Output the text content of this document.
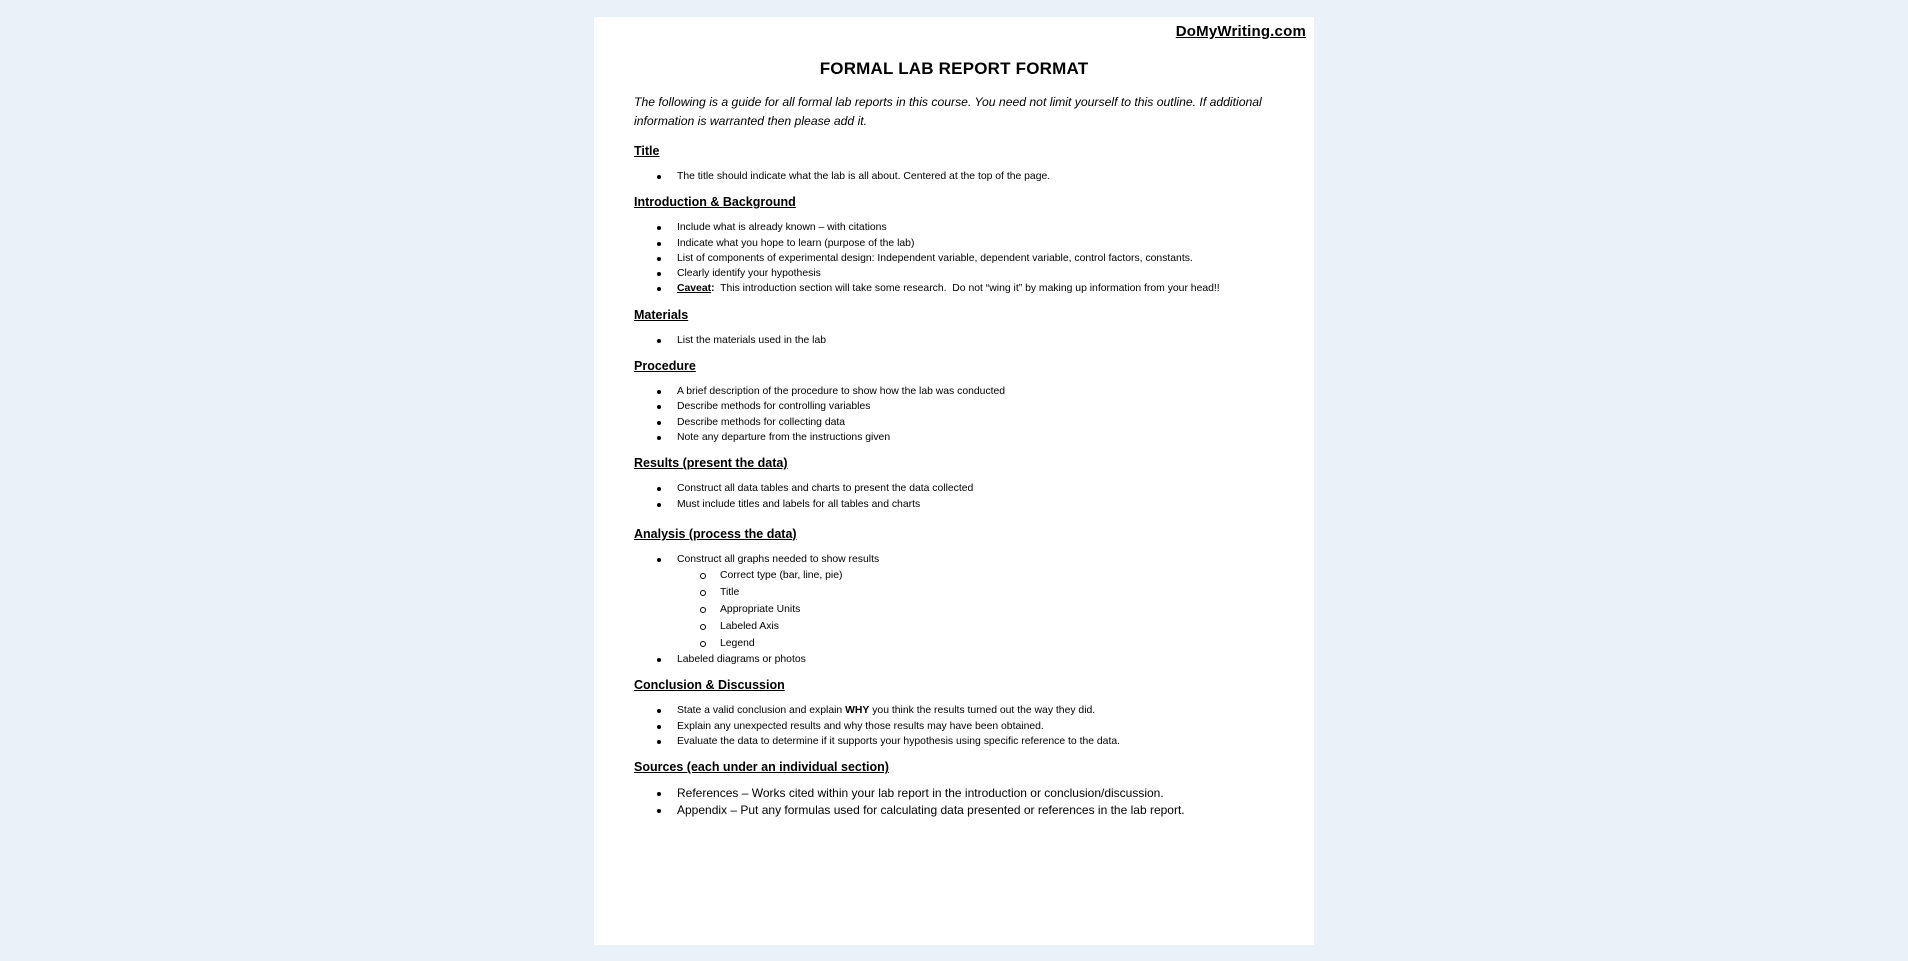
DoMyWriting.com
FORMAL LAB REPORT FORMAT

The following is a guide for all formal lab reports in this course. You need not limit yourself to this outline. If additional information is warranted then please add it.

Title

The title should indicate what the lab is all about. Centered at the top of the page.

Introduction & Background

Include what is already known – with citations
Indicate what you hope to learn (purpose of the lab)
List of components of experimental design: Independent variable, dependent variable, control factors, constants.
Clearly identify your hypothesis
Caveat:  This introduction section will take some research.  Do not “wing it” by making up information from your head!!

Materials

List the materials used in the lab

Procedure

A brief description of the procedure to show how the lab was conducted
Describe methods for controlling variables
Describe methods for collecting data
Note any departure from the instructions given

Results (present the data)

Construct all data tables and charts to present the data collected
Must include titles and labels for all tables and charts

Analysis (process the data)

Construct all graphs needed to show results
Correct type (bar, line, pie)
Title
Appropriate Units
Labeled Axis
Legend
Labeled diagrams or photos

Conclusion & Discussion

State a valid conclusion and explain WHY you think the results turned out the way they did.
Explain any unexpected results and why those results may have been obtained.
Evaluate the data to determine if it supports your hypothesis using specific reference to the data.

Sources (each under an individual section)

References – Works cited within your lab report in the introduction or conclusion/discussion.
Appendix – Put any formulas used for calculating data presented or references in the lab report.
